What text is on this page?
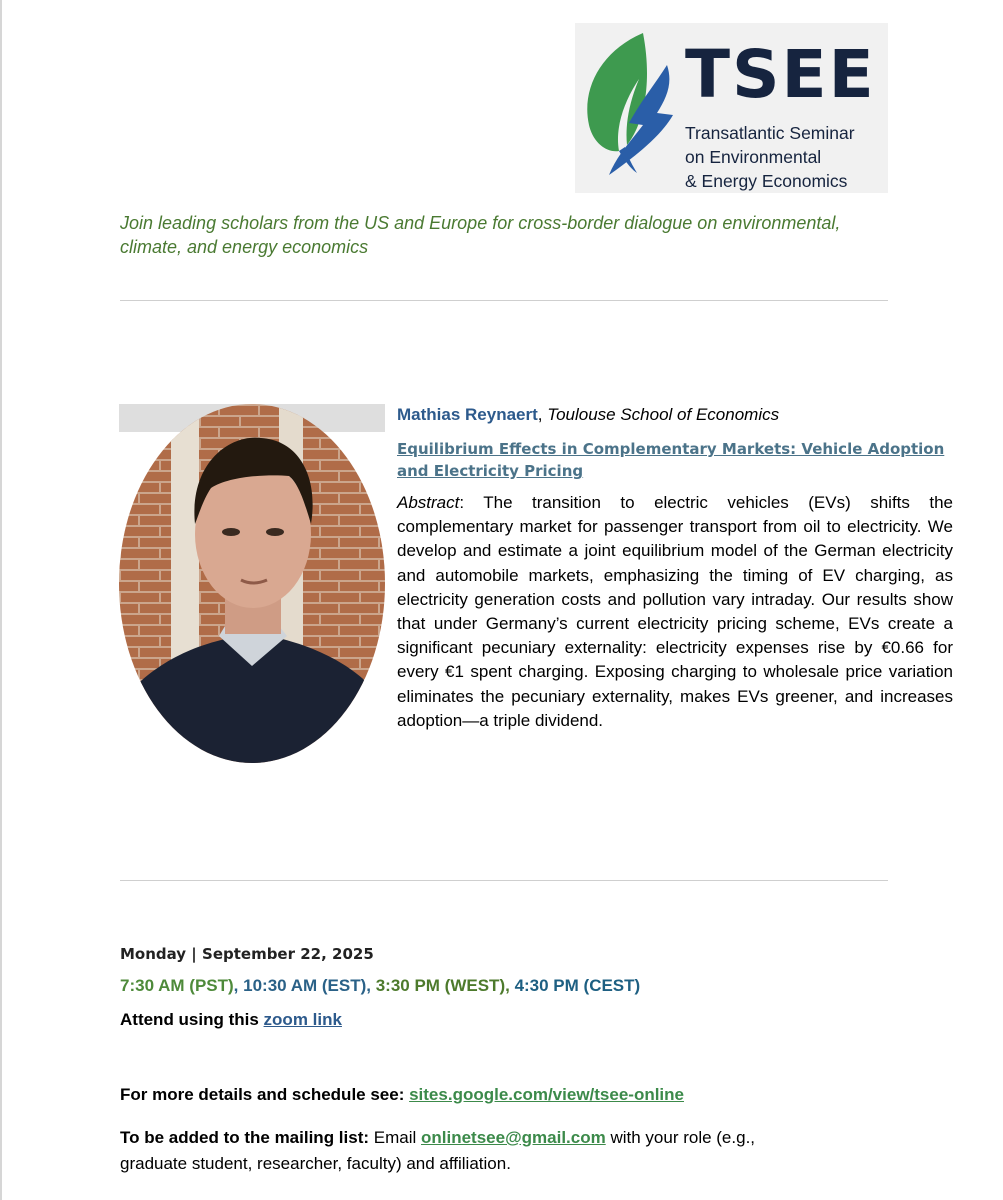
TSEE
Transatlantic Seminar
on Environmental
& Energy Economics
Join leading scholars from the US and Europe for cross-border dialogue on environmental, climate, and energy economics
Mathias Reynaert, Toulouse School of Economics
Equilibrium Effects in Complementary Markets: Vehicle Adoption and Electricity Pricing
Abstract: The transition to electric vehicles (EVs) shifts the complementary market for passenger transport from oil to electricity. We develop and estimate a joint equilibrium model of the German electricity and automobile markets, emphasizing the timing of EV charging, as electricity generation costs and pollution vary intraday. Our results show that under Germany’s current electricity pricing scheme, EVs create a significant pecuniary externality: electricity expenses rise by €0.66 for every €1 spent charging. Exposing charging to wholesale price variation eliminates the pecuniary externality, makes EVs greener, and increases adoption—a triple dividend.
Monday | September 22, 2025
7:30 AM (PST), 10:30 AM (EST), 3:30 PM (WEST), 4:30 PM (CEST)
Attend using this zoom link
For more details and schedule see: sites.google.com/view/tsee-online
To be added to the mailing list: Email onlinetsee@gmail.com with your role (e.g., graduate student, researcher, faculty) and affiliation.
